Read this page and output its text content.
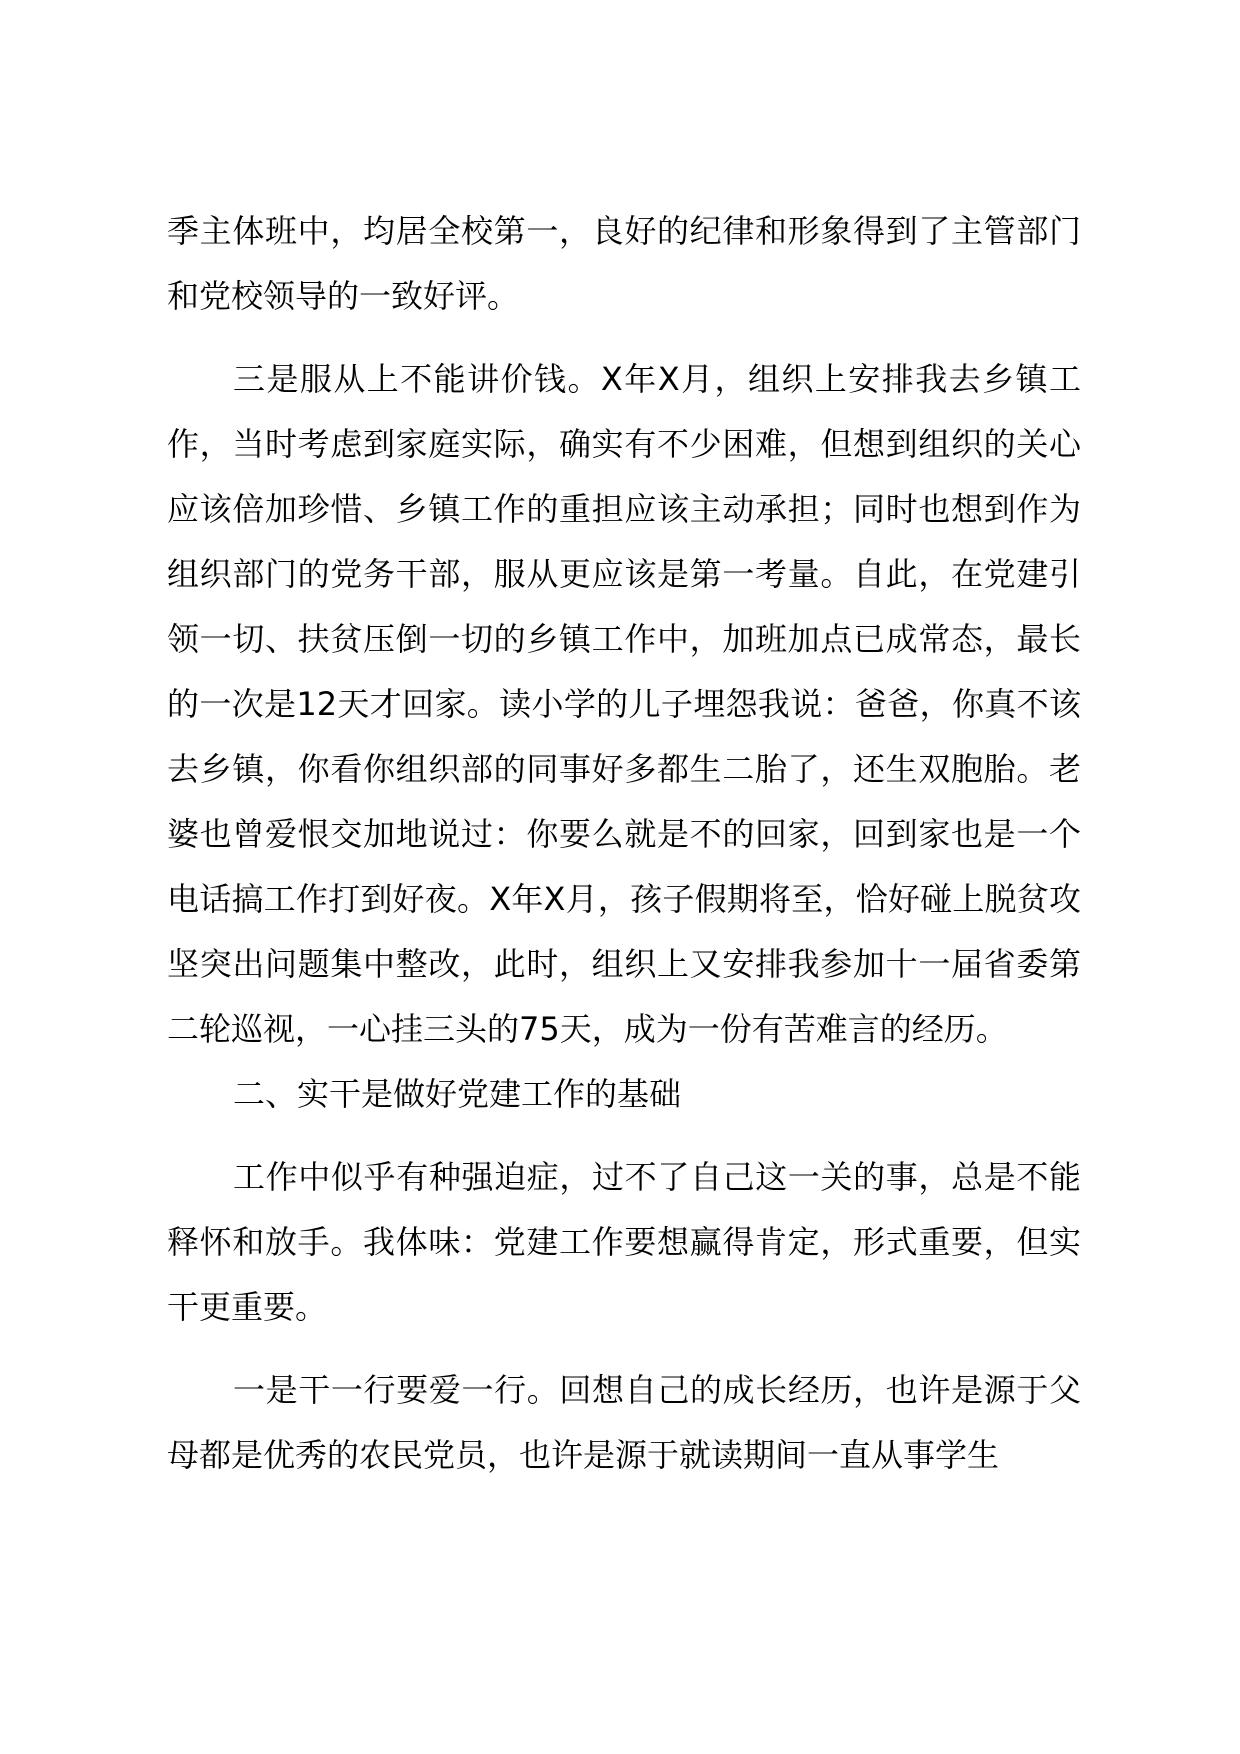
季主体班中，均居全校第一，良好的纪律和形象得到了主管部门和党校领导的一致好评。

三是服从上不能讲价钱。X年X月，组织上安排我去乡镇工作，当时考虑到家庭实际，确实有不少困难，但想到组织的关心应该倍加珍惜、乡镇工作的重担应该主动承担；同时也想到作为组织部门的党务干部，服从更应该是第一考量。自此，在党建引领一切、扶贫压倒一切的乡镇工作中，加班加点已成常态，最长的一次是12天才回家。读小学的儿子埋怨我说：爸爸，你真不该去乡镇，你看你组织部的同事好多都生二胎了，还生双胞胎。老婆也曾爱恨交加地说过：你要么就是不的回家，回到家也是一个电话搞工作打到好夜。X年X月，孩子假期将至，恰好碰上脱贫攻坚突出问题集中整改，此时，组织上又安排我参加十一届省委第二轮巡视，一心挂三头的75天，成为一份有苦难言的经历。

二、实干是做好党建工作的基础

工作中似乎有种强迫症，过不了自己这一关的事，总是不能释怀和放手。我体味：党建工作要想赢得肯定，形式重要，但实干更重要。

一是干一行要爱一行。回想自己的成长经历，也许是源于父母都是优秀的农民党员，也许是源于就读期间一直从事学生
